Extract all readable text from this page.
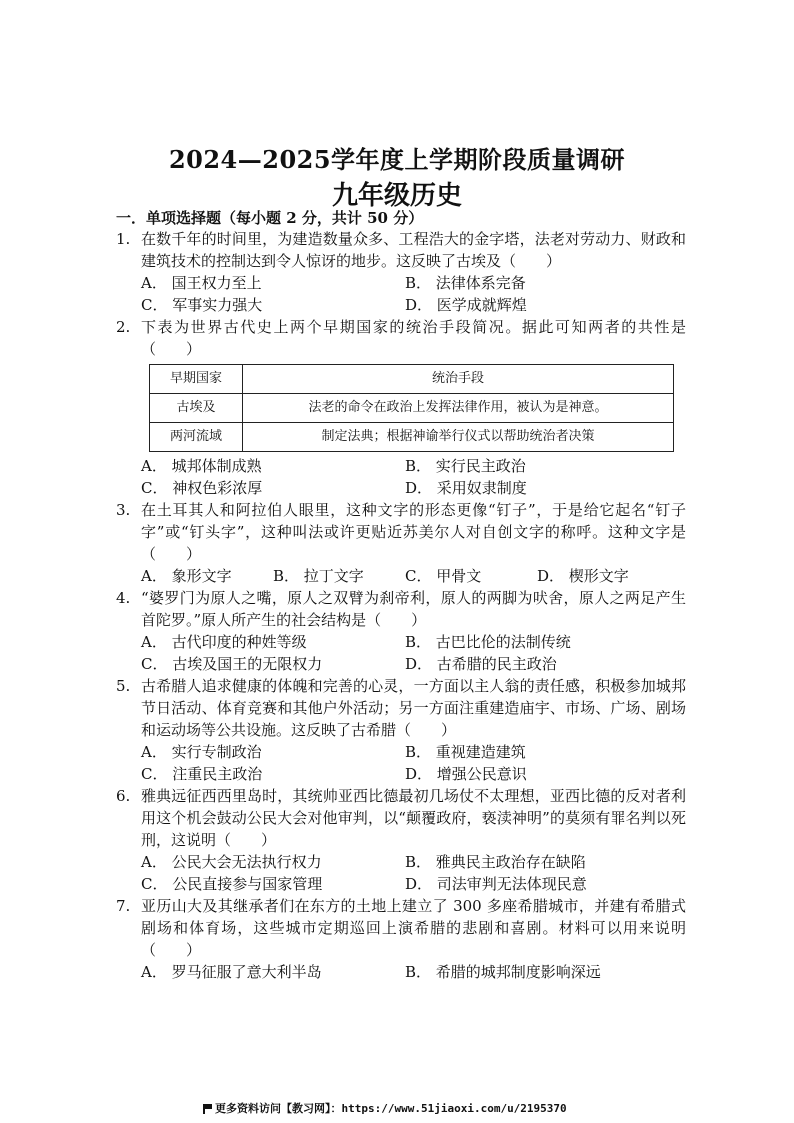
2024—2025学年度上学期阶段质量调研
九年级历史
一．单项选择题（每小题 2 分，共计 50 分）
1. 在数千年的时间里，为建造数量众多、工程浩大的金字塔，法老对劳动力、财政和建筑技术的控制达到令人惊讶的地步。这反映了古埃及（　　）
A． 国王权力至上	B． 法律体系完备
C． 军事实力强大	D． 医学成就辉煌
2. 下表为世界古代史上两个早期国家的统治手段简况。据此可知两者的共性是（　　）
早期国家	统治手段
古埃及	法老的命令在政治上发挥法律作用，被认为是神意。
两河流域	制定法典；根据神谕举行仪式以帮助统治者决策
A． 城邦体制成熟	B． 实行民主政治
C． 神权色彩浓厚	D． 采用奴隶制度
3. 在土耳其人和阿拉伯人眼里，这种文字的形态更像“钉子”，于是给它起名“钉子字”或“钉头字”，这种叫法或许更贴近苏美尔人对自创文字的称呼。这种文字是（　　）
A． 象形文字	B． 拉丁文字	C． 甲骨文	D． 楔形文字
4. “婆罗门为原人之嘴，原人之双臂为刹帝利，原人的两脚为吠舍，原人之两足产生首陀罗。”原人所产生的社会结构是（　　）
A． 古代印度的种姓等级	B． 古巴比伦的法制传统
C． 古埃及国王的无限权力	D． 古希腊的民主政治
5. 古希腊人追求健康的体魄和完善的心灵，一方面以主人翁的责任感，积极参加城邦节日活动、体育竞赛和其他户外活动；另一方面注重建造庙宇、市场、广场、剧场和运动场等公共设施。这反映了古希腊（　　）
A． 实行专制政治	B． 重视建造建筑
C． 注重民主政治	D． 增强公民意识
6. 雅典远征西西里岛时，其统帅亚西比德最初几场仗不太理想，亚西比德的反对者利用这个机会鼓动公民大会对他审判，以“颠覆政府，亵渎神明”的莫须有罪名判以死刑，这说明（　　）
A． 公民大会无法执行权力	B． 雅典民主政治存在缺陷
C． 公民直接参与国家管理	D． 司法审判无法体现民意
7. 亚历山大及其继承者们在东方的土地上建立了 300 多座希腊城市，并建有希腊式剧场和体育场，这些城市定期巡回上演希腊的悲剧和喜剧。材料可以用来说明（　　）
A． 罗马征服了意大利半岛	B． 希腊的城邦制度影响深远
更多资料访问【教习网】：https://www.51jiaoxi.com/u/2195370
